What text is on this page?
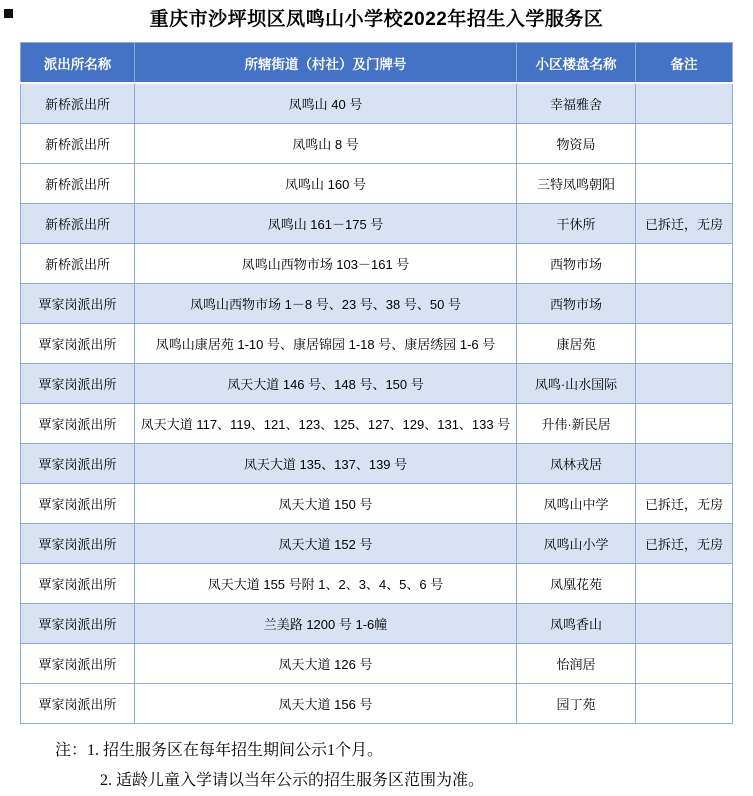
重庆市沙坪坝区凤鸣山小学校2022年招生入学服务区
派出所名称	所辖街道（村社）及门牌号	小区楼盘名称	备注
新桥派出所	凤鸣山 40 号	幸福雅舍	
新桥派出所	凤鸣山 8 号	物资局	
新桥派出所	凤鸣山 160 号	三特凤鸣朝阳	
新桥派出所	凤鸣山 161－175 号	干休所	已拆迁，无房
新桥派出所	凤鸣山西物市场 103－161 号	西物市场	
覃家岗派出所	凤鸣山西物市场 1－8 号、23 号、38 号、50 号	西物市场	
覃家岗派出所	凤鸣山康居苑 1-10 号、康居锦园 1-18 号、康居绣园 1-6 号	康居苑	
覃家岗派出所	凤天大道 146 号、148 号、150 号	凤鸣·山水国际	
覃家岗派出所	凤天大道 117、119、121、123、125、127、129、131、133 号	升伟·新民居	
覃家岗派出所	凤天大道 135、137、139 号	凤林戎居	
覃家岗派出所	凤天大道 150 号	凤鸣山中学	已拆迁，无房
覃家岗派出所	凤天大道 152 号	凤鸣山小学	已拆迁，无房
覃家岗派出所	凤天大道 155 号附 1、2、3、4、5、6 号	凤凰花苑	
覃家岗派出所	兰美路 1200 号 1-6幢	凤鸣香山	
覃家岗派出所	凤天大道 126 号	怡润居	
覃家岗派出所	凤天大道 156 号	园丁苑	

注：1. 招生服务区在每年招生期间公示1个月。

2. 适龄儿童入学请以当年公示的招生服务区范围为准。
